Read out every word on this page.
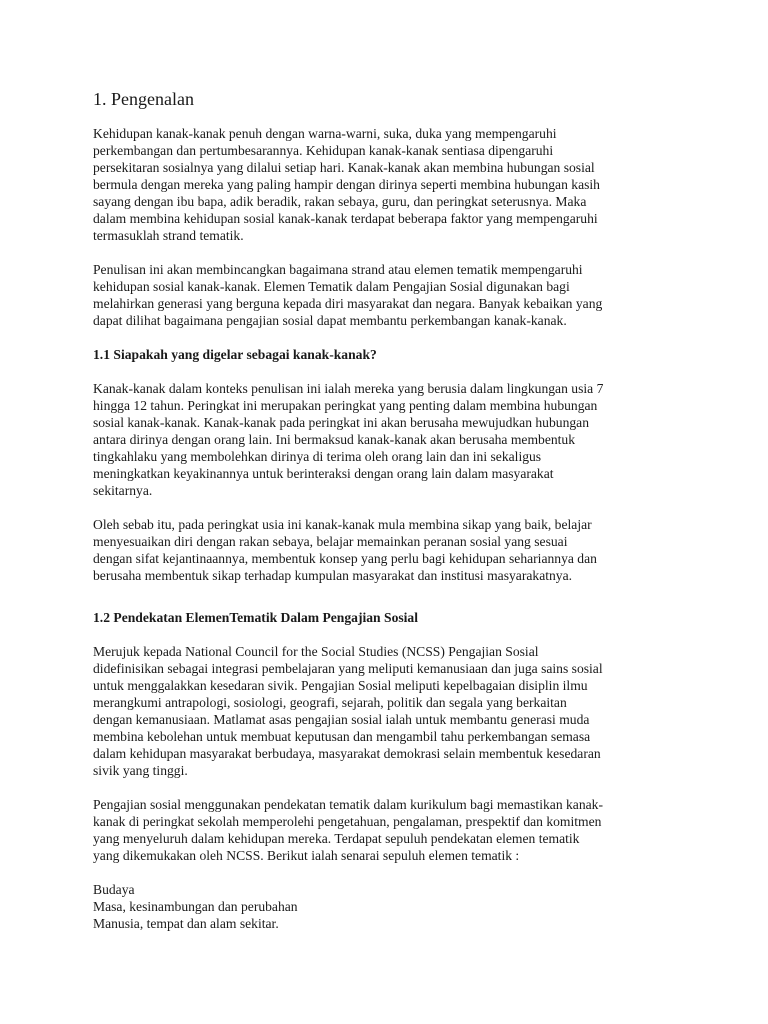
1. Pengenalan

Kehidupan kanak-kanak penuh dengan warna-warni, suka, duka yang mempengaruhi
perkembangan dan pertumbesarannya. Kehidupan kanak-kanak sentiasa dipengaruhi
persekitaran sosialnya yang dilalui setiap hari. Kanak-kanak akan membina hubungan sosial
bermula dengan mereka yang paling hampir dengan dirinya seperti membina hubungan kasih
sayang dengan ibu bapa, adik beradik, rakan sebaya, guru, dan peringkat seterusnya. Maka
dalam membina kehidupan sosial kanak-kanak terdapat beberapa faktor yang mempengaruhi
termasuklah strand tematik.

Penulisan ini akan membincangkan bagaimana strand atau elemen tematik mempengaruhi
kehidupan sosial kanak-kanak. Elemen Tematik dalam Pengajian Sosial digunakan bagi
melahirkan generasi yang berguna kepada diri masyarakat dan negara. Banyak kebaikan yang
dapat dilihat bagaimana pengajian sosial dapat membantu perkembangan kanak-kanak.

1.1 Siapakah yang digelar sebagai kanak-kanak?

Kanak-kanak dalam konteks penulisan ini ialah mereka yang berusia dalam lingkungan usia 7
hingga 12 tahun. Peringkat ini merupakan peringkat yang penting dalam membina hubungan
sosial kanak-kanak. Kanak-kanak pada peringkat ini akan berusaha mewujudkan hubungan
antara dirinya dengan orang lain. Ini bermaksud kanak-kanak akan berusaha membentuk
tingkahlaku yang membolehkan dirinya di terima oleh orang lain dan ini sekaligus
meningkatkan keyakinannya untuk berinteraksi dengan orang lain dalam masyarakat
sekitarnya.

Oleh sebab itu, pada peringkat usia ini kanak-kanak mula membina sikap yang baik, belajar
menyesuaikan diri dengan rakan sebaya, belajar memainkan peranan sosial yang sesuai
dengan sifat kejantinaannya, membentuk konsep yang perlu bagi kehidupan sehariannya dan
berusaha membentuk sikap terhadap kumpulan masyarakat dan institusi masyarakatnya.

1.2 Pendekatan ElemenTematik Dalam Pengajian Sosial

Merujuk kepada National Council for the Social Studies (NCSS) Pengajian Sosial
didefinisikan sebagai integrasi pembelajaran yang meliputi kemanusiaan dan juga sains sosial
untuk menggalakkan kesedaran sivik. Pengajian Sosial meliputi kepelbagaian disiplin ilmu
merangkumi antrapologi, sosiologi, geografi, sejarah, politik dan segala yang berkaitan
dengan kemanusiaan. Matlamat asas pengajian sosial ialah untuk membantu generasi muda
membina kebolehan untuk membuat keputusan dan mengambil tahu perkembangan semasa
dalam kehidupan masyarakat berbudaya, masyarakat demokrasi selain membentuk kesedaran
sivik yang tinggi.

Pengajian sosial menggunakan pendekatan tematik dalam kurikulum bagi memastikan kanak-
kanak di peringkat sekolah memperolehi pengetahuan, pengalaman, prespektif dan komitmen
yang menyeluruh dalam kehidupan mereka. Terdapat sepuluh pendekatan elemen tematik
yang dikemukakan oleh NCSS. Berikut ialah senarai sepuluh elemen tematik :

Budaya
Masa, kesinambungan dan perubahan
Manusia, tempat dan alam sekitar.
